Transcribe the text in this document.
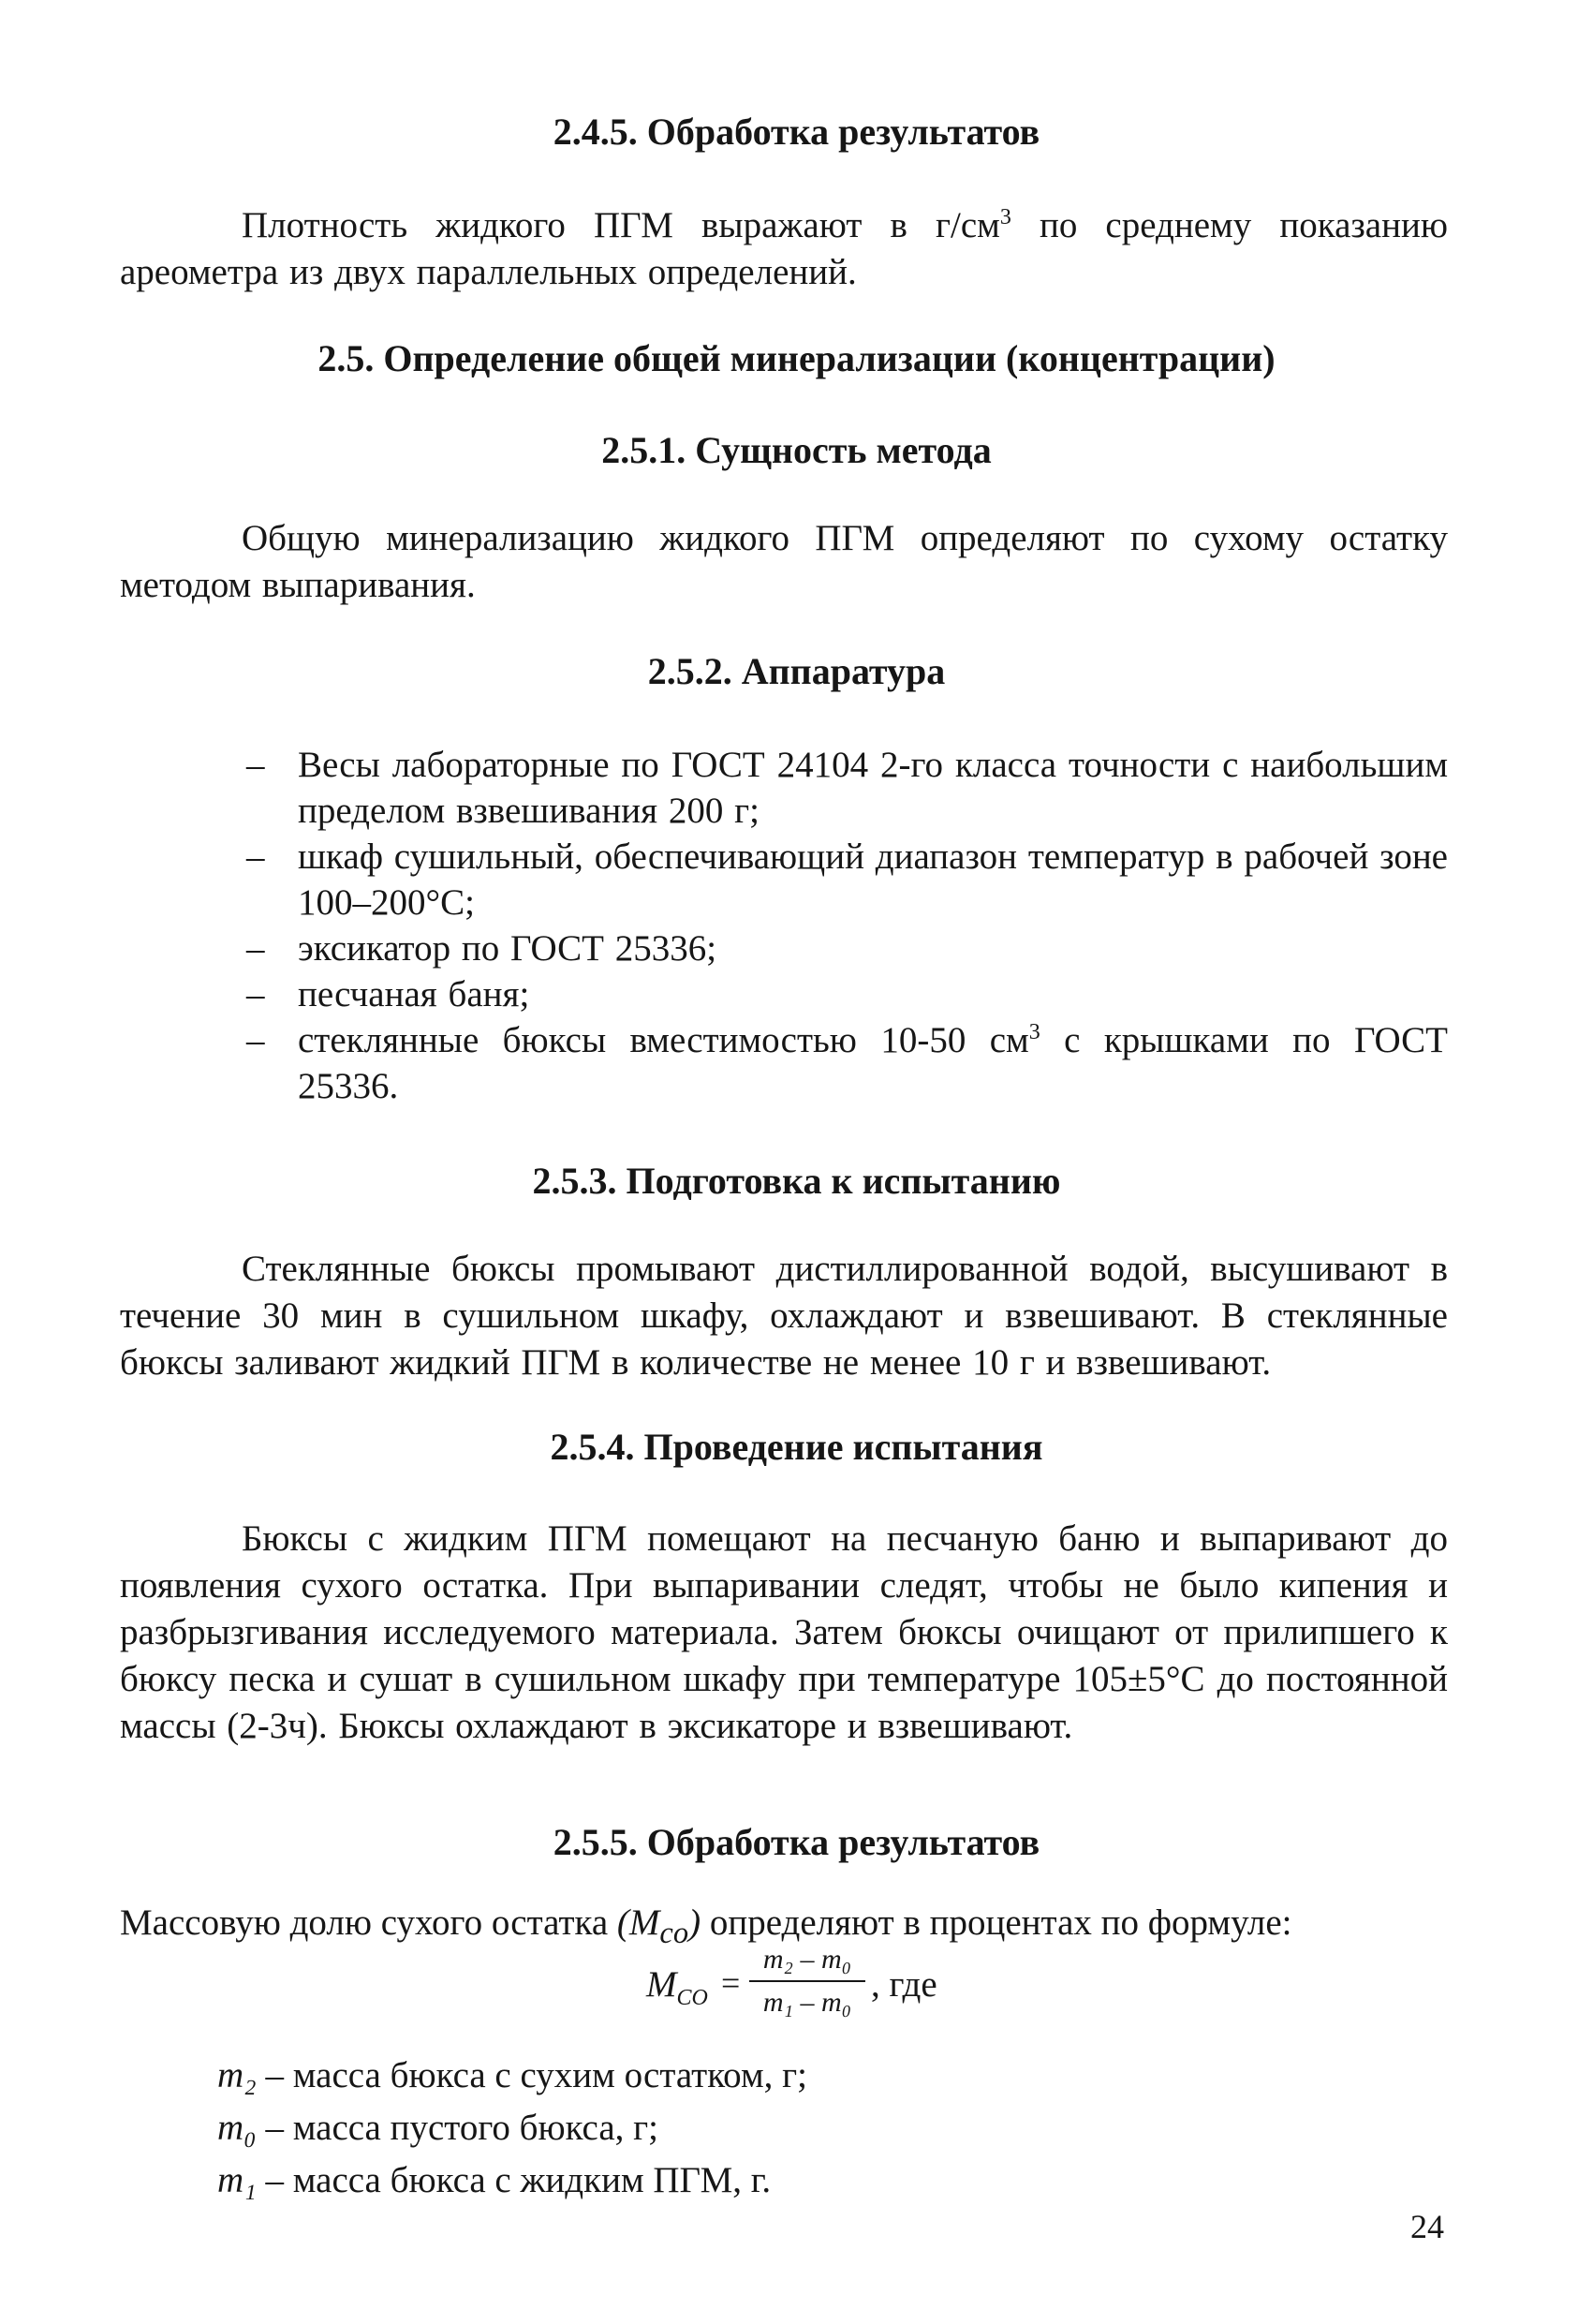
2.4.5. Обработка результатов

Плотность жидкого ПГМ выражают в $г/см^3$ по среднему показанию ареометра из двух параллельных определений.

2.5. Определение общей минерализации (концентрации)
2.5.1. Сущность метода

Общую минерализацию жидкого ПГМ определяют по сухому остатку методом выпаривания.

2.5.2. Аппаратура
– Весы лабораторные по ГОСТ 24104 2-го класса точности с наибольшим пределом взвешивания 200 г;
– шкаф сушильный, обеспечивающий диапазон температур в рабочей зоне 100–200°С;
– эксикатор по ГОСТ 25336;
– песчаная баня;
– стеклянные бюксы вместимостью 10-50 $см^3$ с крышками по ГОСТ 25336.
2.5.3. Подготовка к испытанию

Стеклянные бюксы промывают дистиллированной водой, высушивают в течение 30 мин в сушильном шкафу, охлаждают и взвешивают. В стеклянные бюксы заливают жидкий ПГМ в количестве не менее 10 г и взвешивают.

2.5.4. Проведение испытания

Бюксы с жидким ПГМ помещают на песчаную баню и выпаривают до появления сухого остатка. При выпаривании следят, чтобы не было кипения и разбрызгивания исследуемого материала. Затем бюксы очищают от прилипшего к бюксу песка и сушат в сушильном шкафу при температуре 105±5°С до постоянной массы (2-3ч). Бюксы охлаждают в эксикаторе и взвешивают.

2.5.5. Обработка результатов

Массовую долю сухого остатка $(M_{co})$ определяют в процентах по формуле:

$M_{CO}$ =
m₂ – m₀
m₁ – m₀ , где
m₂ – масса бюкса с сухим остатком, г;
m₀ – масса пустого бюкса, г;
m₁ – масса бюкса с жидким ПГМ, г.
24
